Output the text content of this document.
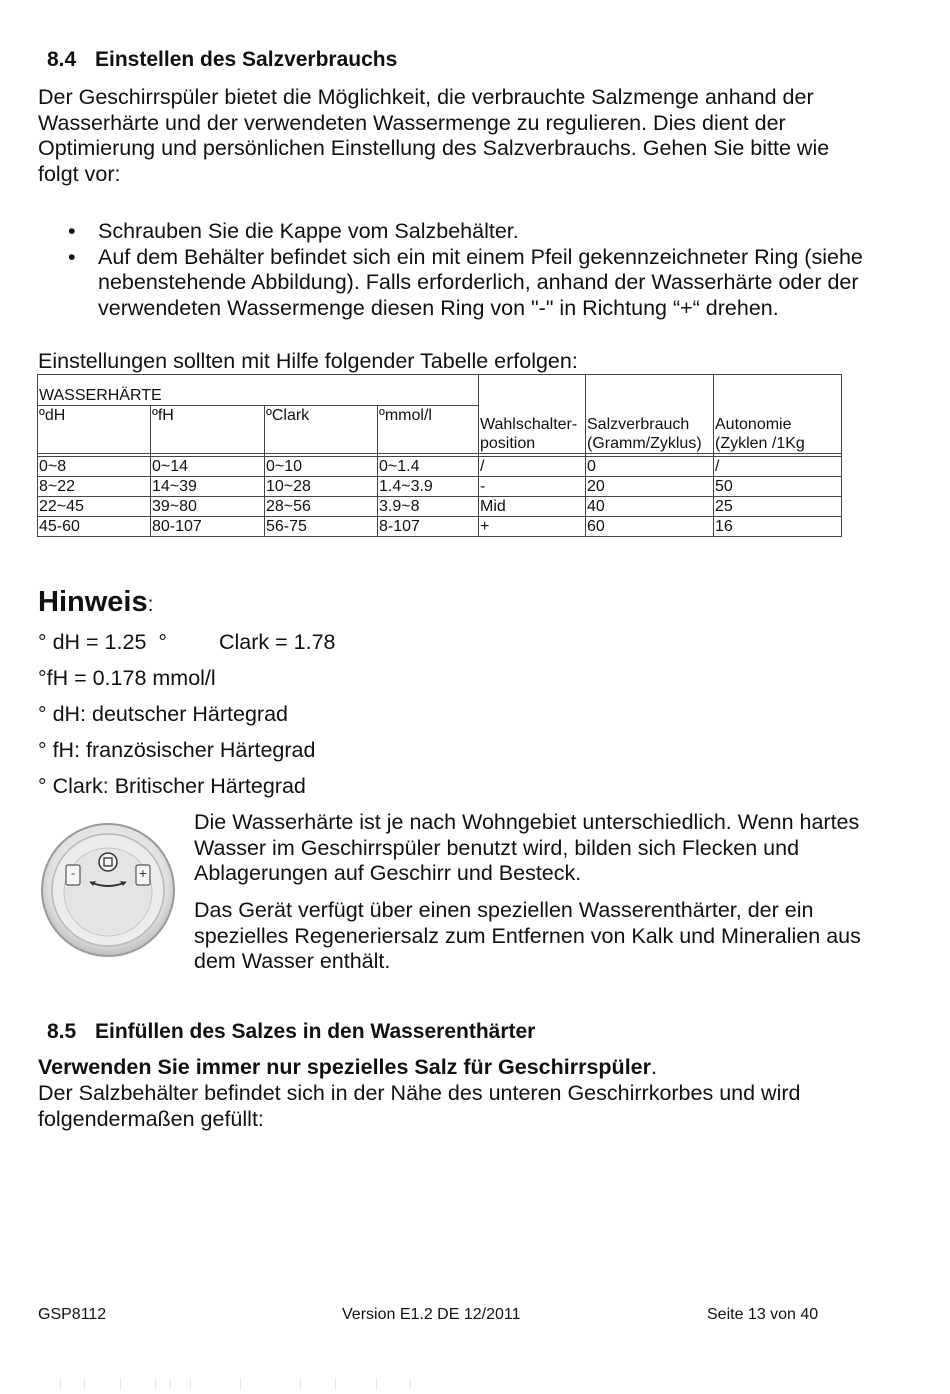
8.4 Einstellen des Salzverbrauchs
Der Geschirrspüler bietet die Möglichkeit, die verbrauchte Salzmenge anhand der Wasserhärte und der verwendeten Wassermenge zu regulieren. Dies dient der Optimierung und persönlichen Einstellung des Salzverbrauchs. Gehen Sie bitte wie folgt vor:
• Schrauben Sie die Kappe vom Salzbehälter.
• Auf dem Behälter befindet sich ein mit einem Pfeil gekennzeichneter Ring (siehe nebenstehende Abbildung). Falls erforderlich, anhand der Wasserhärte oder der verwendeten Wassermenge diesen Ring von "-" in Richtung “+“ drehen.
Einstellungen sollten mit Hilfe folgender Tabelle erfolgen:
WASSERHÄRTE				Wahlschalter-position	Salzverbrauch (Gramm/Zyklus)	Autonomie (Zyklen /1Kg
ºdH	ºfH	ºClark	ºmmol/l			

0~8	0~14	0~10	0~1.4	/	0	/
8~22	14~39	10~28	1.4~3.9	-	20	50
22~45	39~80	28~56	3.9~8	Mid	40	25
45-60	80-107	56-75	8-107	+	60	16
Hinweis:
° dH = 1.25  ° Clark = 1.78
°fH = 0.178 mmol/l
° dH: deutscher Härtegrad
° fH: französischer Härtegrad
° Clark: Britischer Härtegrad
-	+
Die Wasserhärte ist je nach Wohngebiet unterschiedlich. Wenn hartes Wasser im Geschirrspüler benutzt wird, bilden sich Flecken und Ablagerungen auf Geschirr und Besteck.
Das Gerät verfügt über einen speziellen Wasserenthärter, der ein spezielles Regeneriersalz zum Entfernen von Kalk und Mineralien aus dem Wasser enthält.
8.5 Einfüllen des Salzes in den Wasserenthärter
Verwenden Sie immer nur spezielles Salz für Geschirrspüler.
Der Salzbehälter befindet sich in der Nähe des unteren Geschirrkorbes und wird folgendermaßen gefüllt:
GSP8112	Version E1.2 DE 12/2011	Seite 13 von 40
